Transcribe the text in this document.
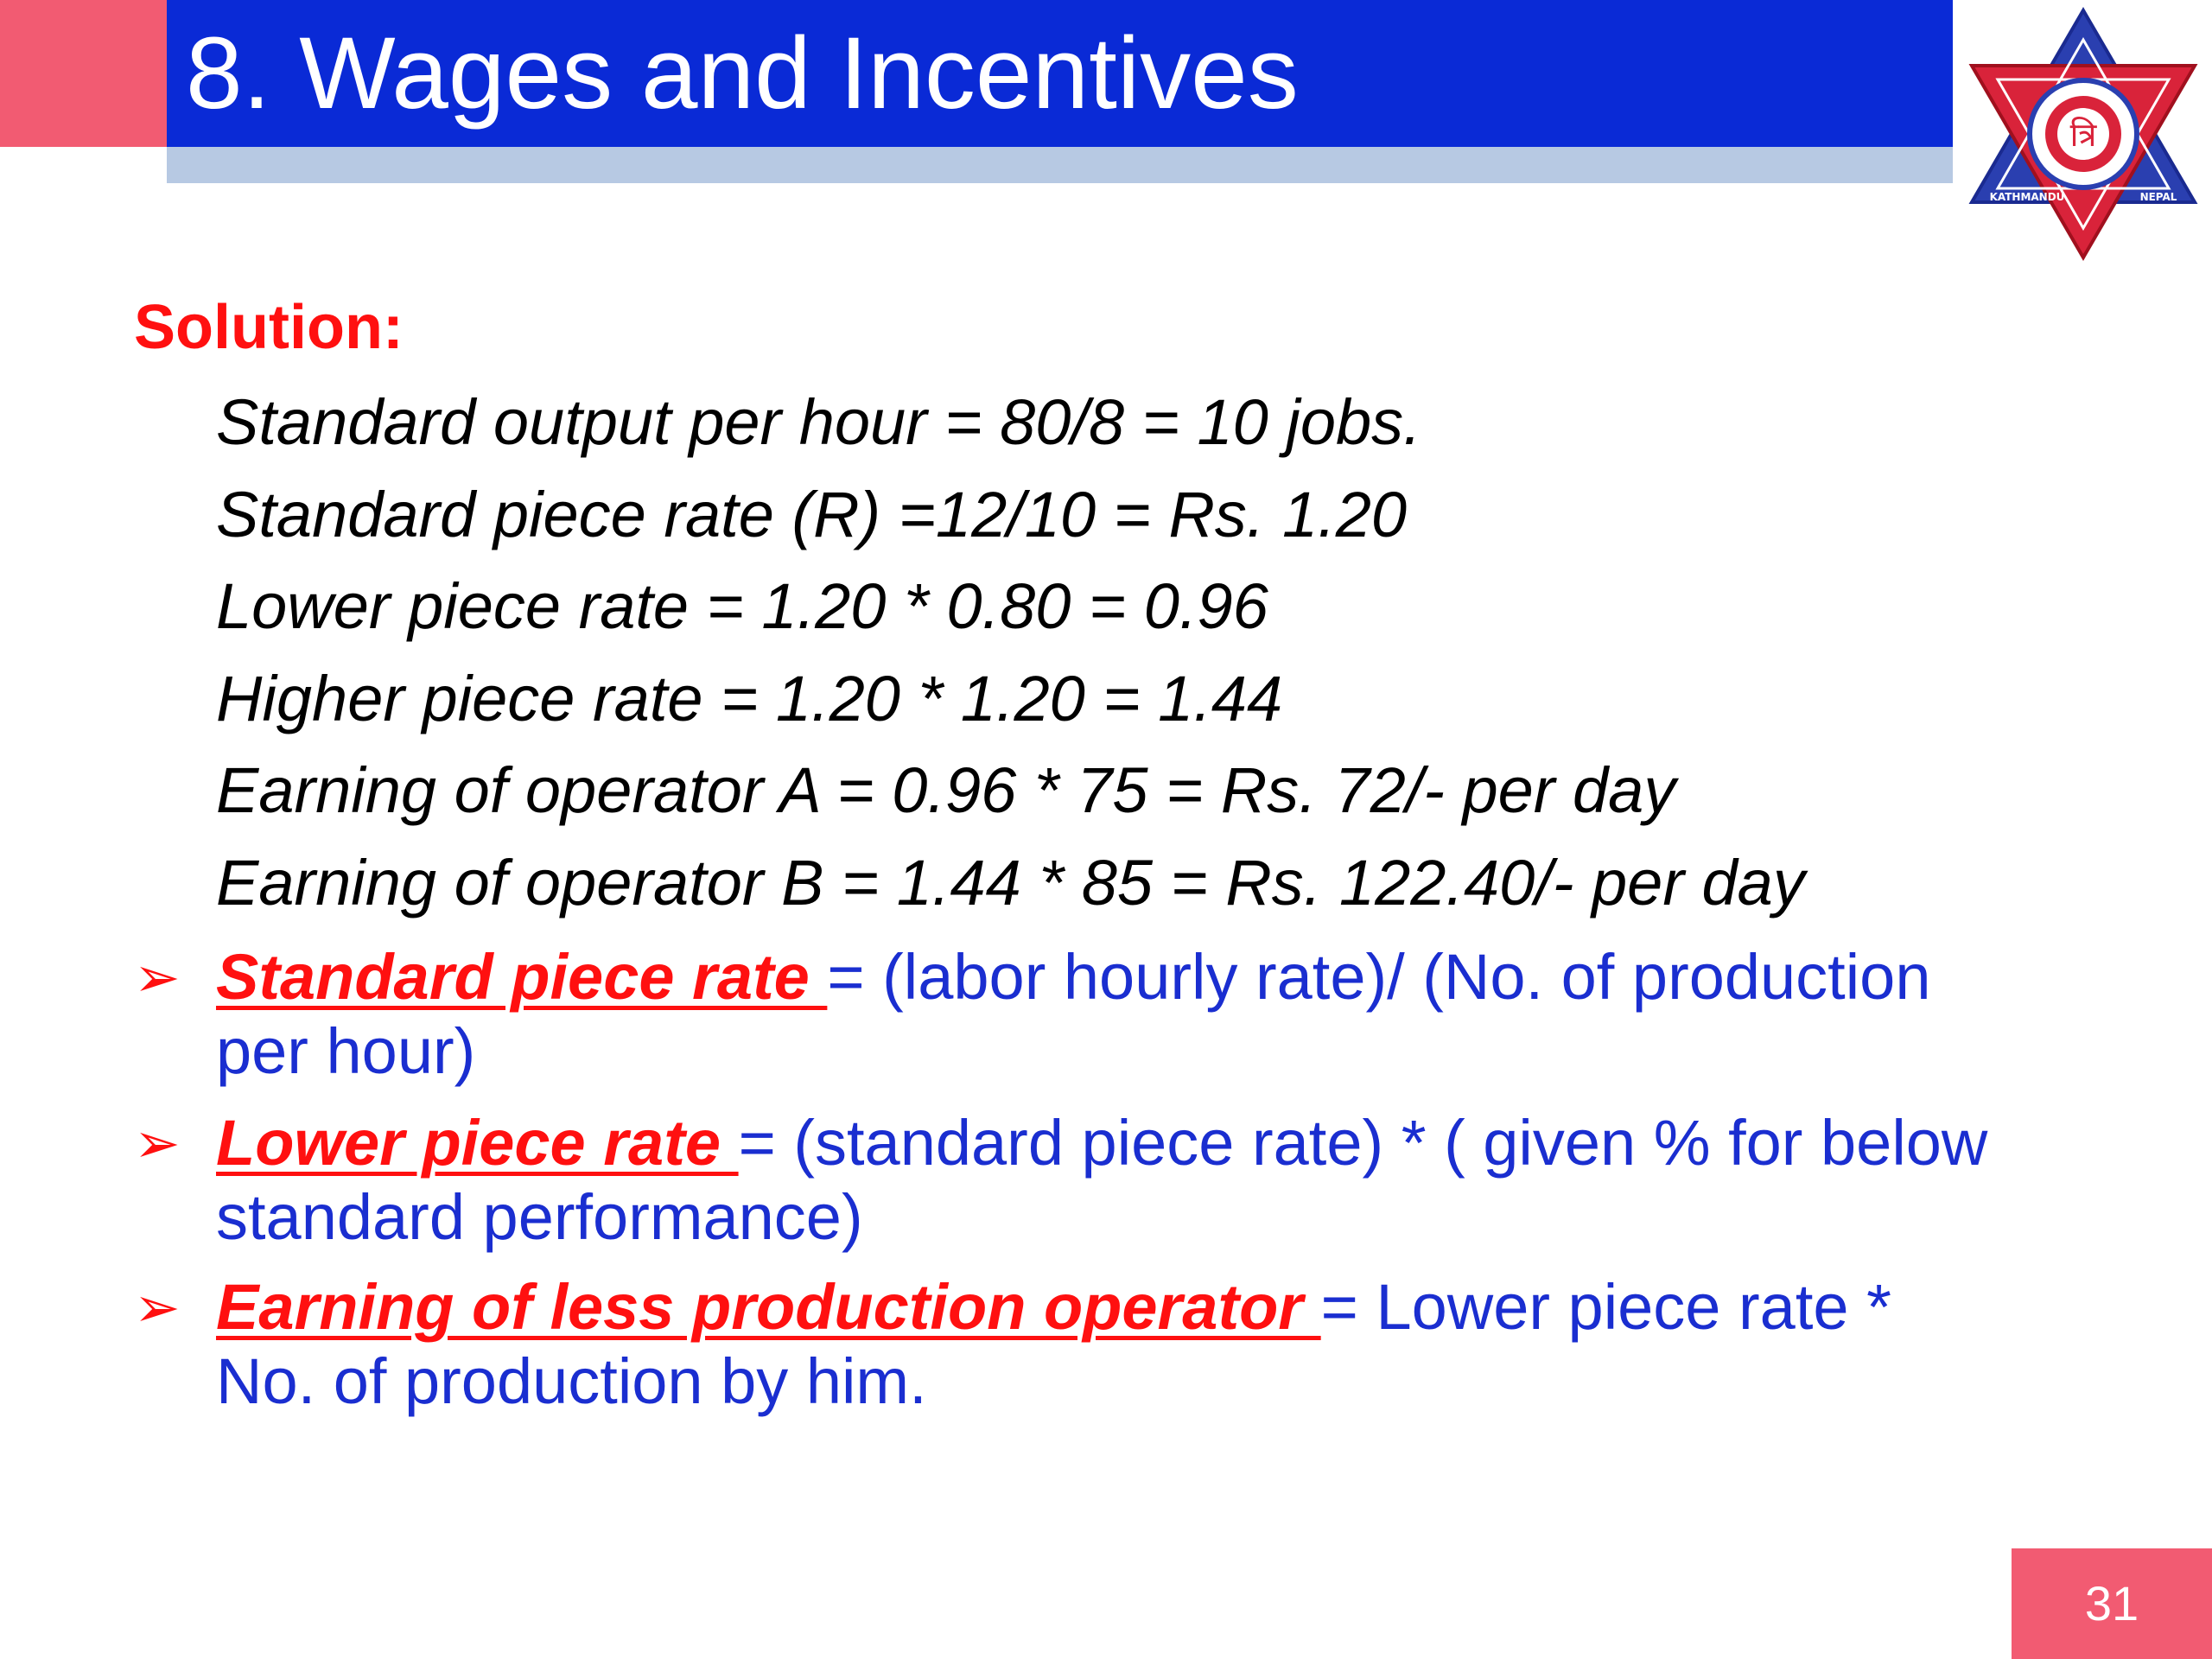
8. Wages and Incentives
त्रि
KATHMANDU	NEPAL
Solution:
Standard output per hour = 80/8 = 10 jobs.
Standard piece rate (R) =12/10 = Rs. 1.20
Lower piece rate = 1.20 * 0.80 = 0.96
Higher piece rate = 1.20 * 1.20 = 1.44
Earning of operator A = 0.96 * 75 = Rs. 72/- per day
Earning of operator B = 1.44 * 85 = Rs. 122.40/- per day
➢ Standard piece rate = (labor hourly rate)/ (No. of production per hour)
➢ Lower piece rate = (standard piece rate) * ( given % for below standard performance)
➢ Earning of less production operator = Lower piece rate * No. of production by him.
31
